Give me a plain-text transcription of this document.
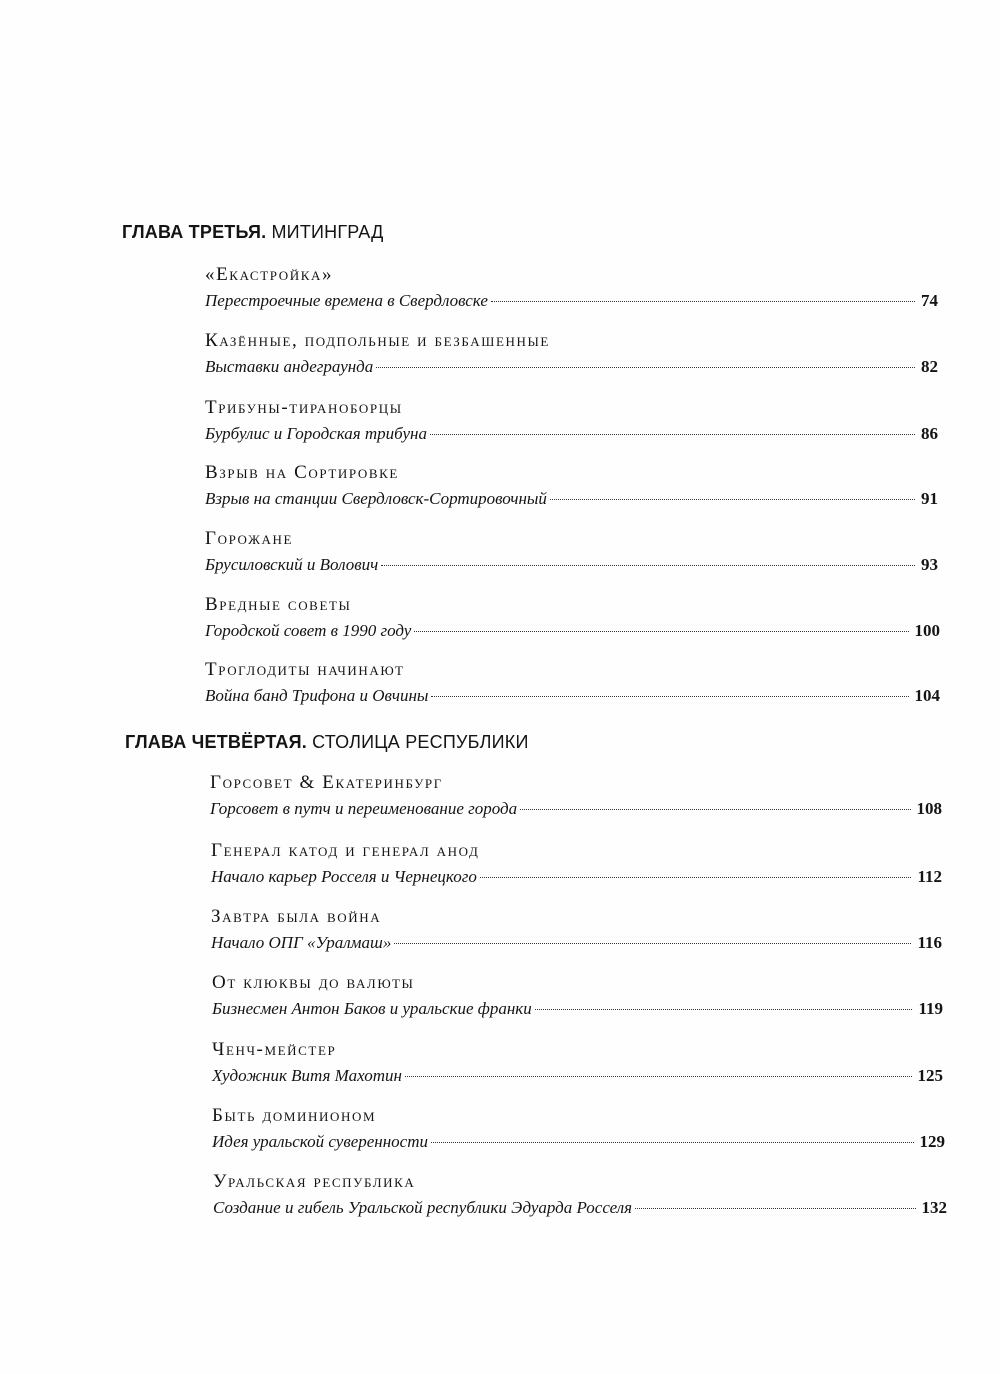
ГЛАВА ТРЕТЬЯ. МИТИНГРАД
«Екастройка»
Перестроечные времена в Свердловске	74
Казённые, подпольные и безбашенные
Выставки андеграунда	82
Трибуны-тираноборцы
Бурбулис и Городская трибуна	86
Взрыв на Сортировке
Взрыв на станции Свердловск-Сортировочный	91
Горожане
Брусиловский и Волович	93
Вредные советы
Городской совет в 1990 году	100
Троглодиты начинают
Война банд Трифона и Овчины	104
ГЛАВА ЧЕТВЁРТАЯ. СТОЛИЦА РЕСПУБЛИКИ
Горсовет & Екатеринбург
Горсовет в путч и переименование города	108
Генерал катод и генерал анод
Начало карьер Росселя и Чернецкого	112
Завтра была война
Начало ОПГ «Уралмаш»	116
От клюквы до валюты
Бизнесмен Антон Баков и уральские франки	119
Ченч-мейстер
Художник Витя Махотин	125
Быть доминионом
Идея уральской суверенности	129
Уральская республика
Создание и гибель Уральской республики Эдуарда Росселя	132
